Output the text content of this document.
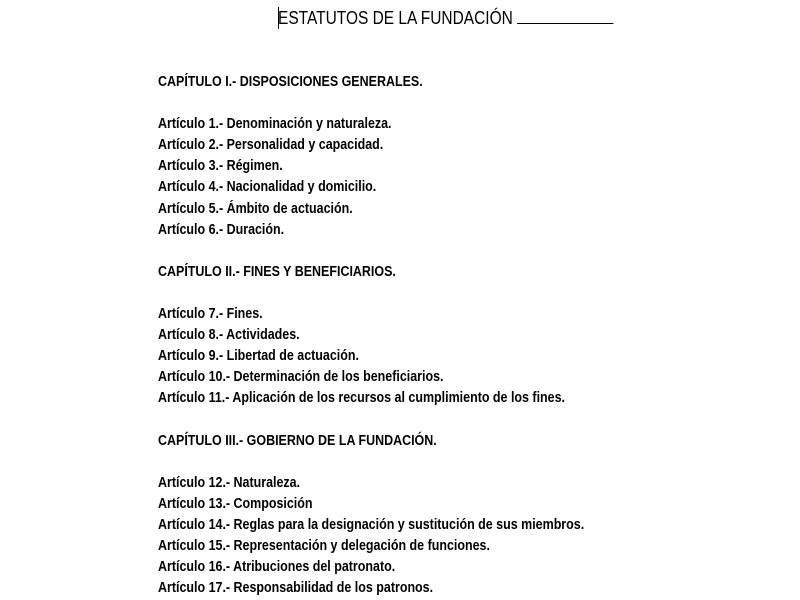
ESTATUTOS DE LA FUNDACIÓN
CAPÍTULO I.- DISPOSICIONES GENERALES.
Artículo 1.- Denominación y naturaleza.
Artículo 2.- Personalidad y capacidad.
Artículo 3.- Régimen.
Artículo 4.- Nacionalidad y domicilio.
Artículo 5.- Ámbito de actuación.
Artículo 6.- Duración.
CAPÍTULO II.- FINES Y BENEFICIARIOS.
Artículo 7.- Fines.
Artículo 8.- Actividades.
Artículo 9.- Libertad de actuación.
Artículo 10.- Determinación de los beneficiarios.
Artículo 11.- Aplicación de los recursos al cumplimiento de los fines.
CAPÍTULO III.- GOBIERNO DE LA FUNDACIÓN.
Artículo 12.- Naturaleza.
Artículo 13.- Composición
Artículo 14.- Reglas para la designación y sustitución de sus miembros.
Artículo 15.- Representación y delegación de funciones.
Artículo 16.- Atribuciones del patronato.
Artículo 17.- Responsabilidad de los patronos.
